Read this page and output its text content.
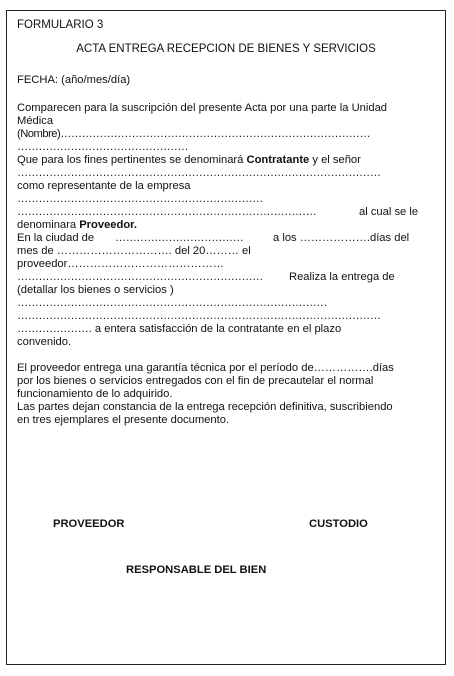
FORMULARIO 3
ACTA ENTREGA RECEPCION DE BIENES Y SERVICIOS
FECHA: (año/mes/día)
Comparecen para la suscripción del presente Acta por una parte la Unidad
Médica
(Nombre)……………………………………………………………………………
…………………………………………
Que para los fines pertinentes se denominará Contratante y el señor
…………………………………………………………………………………………
como representante de la empresa
……………………………………………………………
…………………………………………………………………………	al cual se le
denominara Proveedor.
En la ciudad de ………………………………	a los ……………….días del
mes de …………………………. del 20……… el
proveedor……………………………………
…………………………………………………………… Realiza la entrega de
(detallar los bienes o servicios )
……………………………………………………………………………
…………………………………………………………………………………………
………………… a entera satisfacción de la contratante en el plazo
convenido.
El proveedor entrega una garantía técnica por el período de…………….días
por los bienes o servicios entregados con el fin de precautelar el normal
funcionamiento de lo adquirido.
Las partes dejan constancia de la entrega recepción definitiva, suscribiendo
en tres ejemplares el presente documento.
PROVEEDOR	CUSTODIO
RESPONSABLE DEL BIEN
